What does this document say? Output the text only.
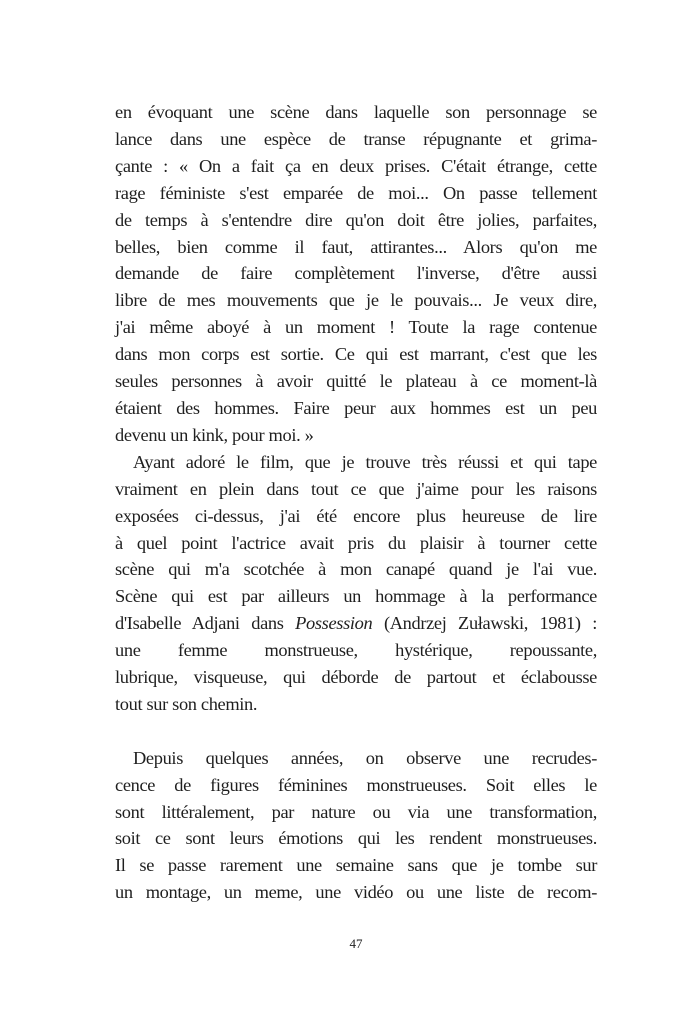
en évoquant une scène dans laquelle son personnage se
lance dans une espèce de transe répugnante et grima-
çante : « On a fait ça en deux prises. C'était étrange, cette
rage féministe s'est emparée de moi... On passe tellement
de temps à s'entendre dire qu'on doit être jolies, parfaites,
belles, bien comme il faut, attirantes... Alors qu'on me
demande de faire complètement l'inverse, d'être aussi
libre de mes mouvements que je le pouvais... Je veux dire,
j'ai même aboyé à un moment ! Toute la rage contenue
dans mon corps est sortie. Ce qui est marrant, c'est que les
seules personnes à avoir quitté le plateau à ce moment-là
étaient des hommes. Faire peur aux hommes est un peu
devenu un kink, pour moi. »
Ayant adoré le film, que je trouve très réussi et qui tape
vraiment en plein dans tout ce que j'aime pour les raisons
exposées ci-dessus, j'ai été encore plus heureuse de lire
à quel point l'actrice avait pris du plaisir à tourner cette
scène qui m'a scotchée à mon canapé quand je l'ai vue.
Scène qui est par ailleurs un hommage à la performance
d'Isabelle Adjani dans Possession (Andrzej Zuławski, 1981) :
une femme monstrueuse, hystérique, repoussante,
lubrique, visqueuse, qui déborde de partout et éclabousse
tout sur son chemin.
Depuis quelques années, on observe une recrudes-
cence de figures féminines monstrueuses. Soit elles le
sont littéralement, par nature ou via une transformation,
soit ce sont leurs émotions qui les rendent monstrueuses.
Il se passe rarement une semaine sans que je tombe sur
un montage, un meme, une vidéo ou une liste de recom-
47
